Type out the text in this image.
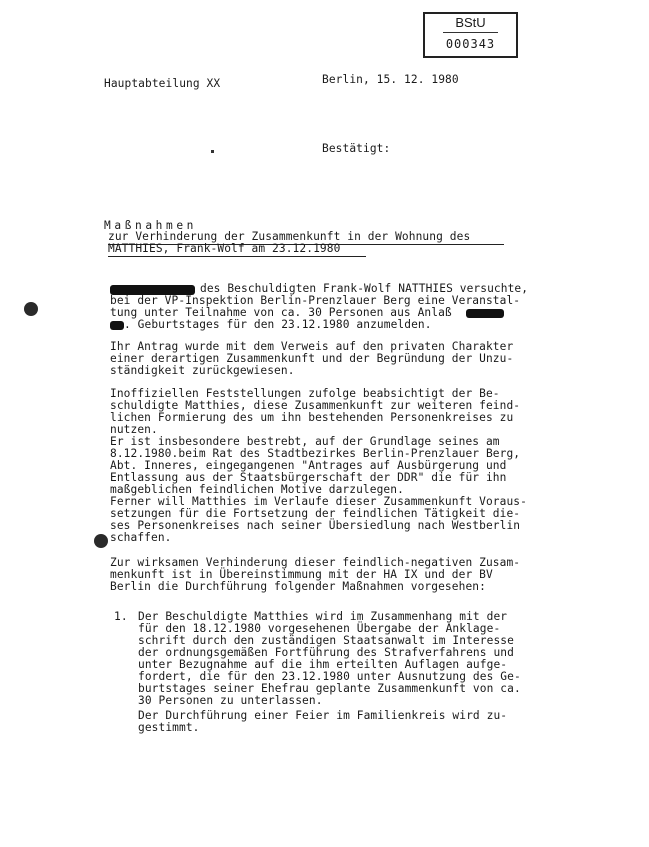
BStU
000343
Hauptabteilung XX	Berlin, 15. 12. 1980
Bestätigt:
Maßnahmen
zur Verhinderung der Zusammenkunft in der Wohnung des
MATTHIES, Frank-Wolf am 23.12.1980
des Beschuldigten Frank-Wolf NATTHIES versuchte,
bei der VP-Inspektion Berlin-Prenzlauer Berg eine Veranstal-
tung unter Teilnahme von ca. 30 Personen aus Anlaß
. Geburtstages für den 23.12.1980 anzumelden.
Ihr Antrag wurde mit dem Verweis auf den privaten Charakter
einer derartigen Zusammenkunft und der Begründung der Unzu-
ständigkeit zurückgewiesen.
Inoffiziellen Feststellungen zufolge beabsichtigt der Be-
schuldigte Matthies, diese Zusammenkunft zur weiteren feind-
lichen Formierung des um ihn bestehenden Personenkreises zu
nutzen.
Er ist insbesondere bestrebt, auf der Grundlage seines am
8.12.1980.beim Rat des Stadtbezirkes Berlin-Prenzlauer Berg,
Abt. Inneres, eingegangenen "Antrages auf Ausbürgerung und
Entlassung aus der Staatsbürgerschaft der DDR" die für ihn
maßgeblichen feindlichen Motive darzulegen.
Ferner will Matthies im Verlaufe dieser Zusammenkunft Voraus-
setzungen für die Fortsetzung der feindlichen Tätigkeit die-
ses Personenkreises nach seiner Übersiedlung nach Westberlin
schaffen.
Zur wirksamen Verhinderung dieser feindlich-negativen Zusam-
menkunft ist in Übereinstimmung mit der HA IX und der BV
Berlin die Durchführung folgender Maßnahmen vorgesehen:
1. Der Beschuldigte Matthies wird im Zusammenhang mit der
für den 18.12.1980 vorgesehenen Übergabe der Anklage-
schrift durch den zuständigen Staatsanwalt im Interesse
der ordnungsgemäßen Fortführung des Strafverfahrens und
unter Bezugnahme auf die ihm erteilten Auflagen aufge-
fordert, die für den 23.12.1980 unter Ausnutzung des Ge-
burtstages seiner Ehefrau geplante Zusammenkunft von ca.
30 Personen zu unterlassen.
Der Durchführung einer Feier im Familienkreis wird zu-
gestimmt.
